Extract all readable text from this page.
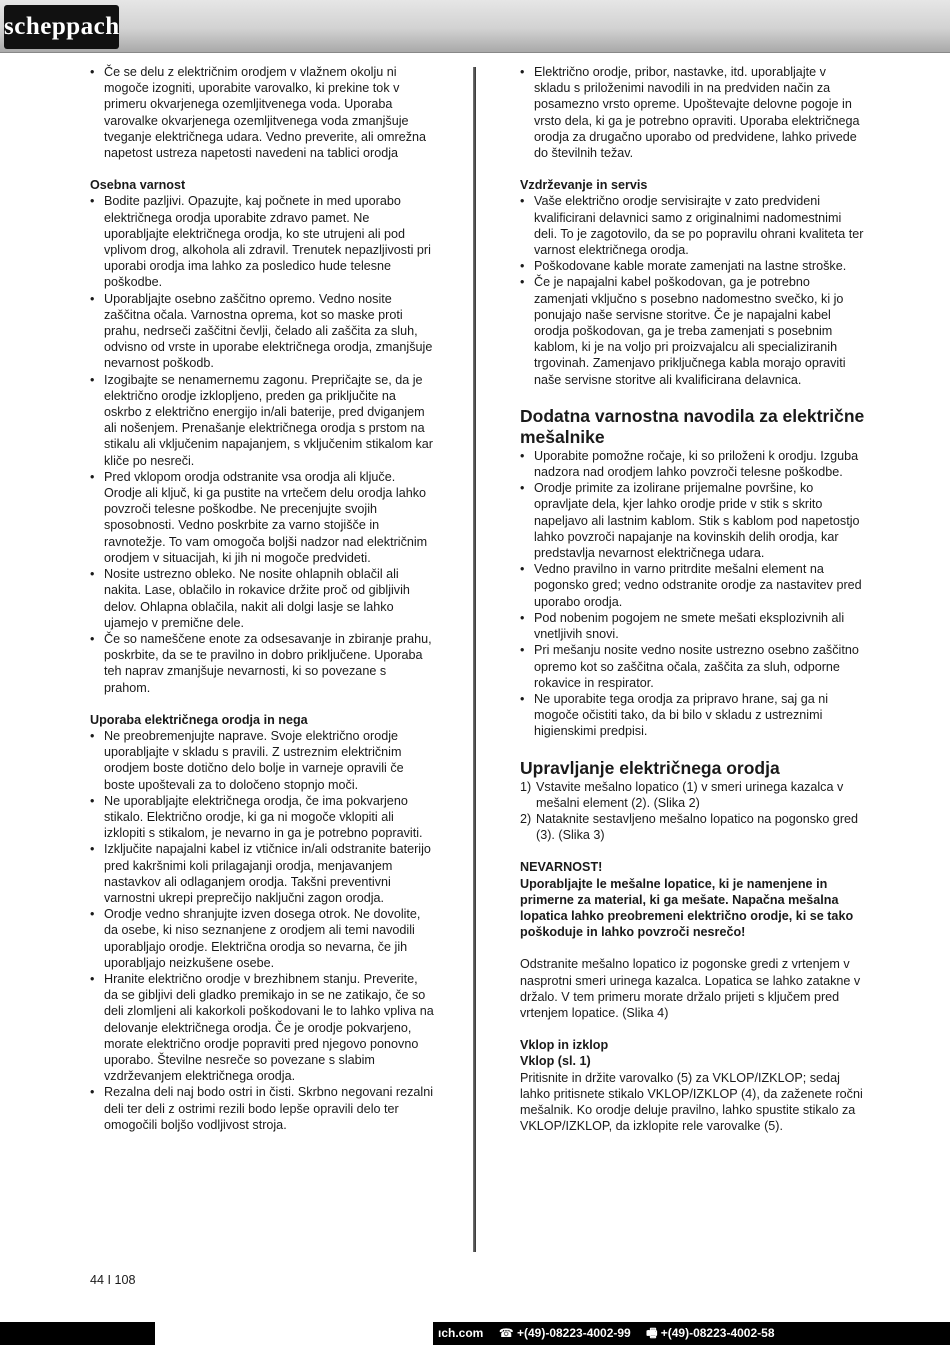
scheppach
• Če se delu z električnim orodjem v vlažnem okolju ni mogoče izogniti, uporabite varovalko, ki prekine tok v primeru okvarjenega ozemljitvenega voda. Uporaba varovalke okvarjenega ozemljitvenega voda zmanjšuje tveganje električnega udara. Vedno preverite, ali omrežna napetost ustreza napetosti navedeni na tablici orodja
Osebna varnost
• Bodite pazljivi. Opazujte, kaj počnete in med uporabo električnega orodja uporabite zdravo pamet. Ne uporabljajte električnega orodja, ko ste utrujeni ali pod vplivom drog, alkohola ali zdravil. Trenutek nepazljivosti pri uporabi orodja ima lahko za posledico hude telesne poškodbe.
• Uporabljajte osebno zaščitno opremo. Vedno nosite zaščitna očala. Varnostna oprema, kot so maske proti prahu, nedrseči zaščitni čevlji, čelado ali zaščita za sluh, odvisno od vrste in uporabe električnega orodja, zmanjšuje nevarnost poškodb.
• Izogibajte se nenamernemu zagonu. Prepričajte se, da je električno orodje izklopljeno, preden ga priključite na oskrbo z električno energijo in/ali baterije, pred dviganjem ali nošenjem. Prenašanje električnega orodja s prstom na stikalu ali vključenim napajanjem, s vključenim stikalom kar kliče po nesreči.
• Pred vklopom orodja odstranite vsa orodja ali ključe. Orodje ali ključ, ki ga pustite na vrtečem delu orodja lahko povzroči telesne poškodbe. Ne precenjujte svojih sposobnosti. Vedno poskrbite za varno stojišče in ravnotežje. To vam omogoča boljši nadzor nad električnim orodjem v situacijah, ki jih ni mogoče predvideti.
• Nosite ustrezno obleko. Ne nosite ohlapnih oblačil ali nakita. Lase, oblačilo in rokavice držite proč od gibljivih delov. Ohlapna oblačila, nakit ali dolgi lasje se lahko ujamejo v premične dele.
• Če so nameščene enote za odsesavanje in zbiranje prahu, poskrbite, da se te pravilno in dobro priključene. Uporaba teh naprav zmanjšuje nevarnosti, ki so povezane s prahom.
Uporaba električnega orodja in nega
• Ne preobremenjujte naprave. Svoje električno orodje uporabljajte v skladu s pravili. Z ustreznim električnim orodjem boste dotično delo bolje in varneje opravili če boste upoštevali za to določeno stopnjo moči.
• Ne uporabljajte električnega orodja, če ima pokvarjeno stikalo. Električno orodje, ki ga ni mogoče vklopiti ali izklopiti s stikalom, je nevarno in ga je potrebno popraviti.
• Izključite napajalni kabel iz vtičnice in/ali odstranite baterijo pred kakršnimi koli prilagajanji orodja, menjavanjem nastavkov ali odlaganjem orodja. Takšni preventivni varnostni ukrepi preprečijo naključni zagon orodja.
• Orodje vedno shranjujte izven dosega otrok. Ne dovolite, da osebe, ki niso seznanjene z orodjem ali temi navodili uporabljajo orodje. Električna orodja so nevarna, če jih uporabljajo neizkušene osebe.
• Hranite električno orodje v brezhibnem stanju. Preverite, da se gibljivi deli gladko premikajo in se ne zatikajo, če so deli zlomljeni ali kakorkoli poškodovani le to lahko vpliva na delovanje električnega orodja. Če je orodje pokvarjeno, morate električno orodje popraviti pred njegovo ponovno uporabo. Številne nesreče so povezane s slabim vzdrževanjem električnega orodja.
• Rezalna deli naj bodo ostri in čisti. Skrbno negovani rezalni deli ter deli z ostrimi rezili bodo lepše opravili delo ter omogočili boljšo vodljivost stroja.
• Električno orodje, pribor, nastavke, itd. uporabljajte v skladu s priloženimi navodili in na predviden način za posamezno vrsto opreme. Upoštevajte delovne pogoje in vrsto dela, ki ga je potrebno opraviti. Uporaba električnega orodja za drugačno uporabo od predvidene, lahko privede do številnih težav.
Vzdrževanje in servis
• Vaše električno orodje servisirajte v zato predvideni kvalificirani delavnici samo z originalnimi nadomestnimi deli. To je zagotovilo, da se po popravilu ohrani kvaliteta ter varnost električnega orodja.
• Poškodovane kable morate zamenjati na lastne stroške.
• Če je napajalni kabel poškodovan, ga je potrebno zamenjati vključno s posebno nadomestno svečko, ki jo ponujajo naše servisne storitve. Če je napajalni kabel orodja poškodovan, ga je treba zamenjati s posebnim kablom, ki je na voljo pri proizvajalcu ali specializiranih trgovinah. Zamenjavo priključnega kabla morajo opraviti naše servisne storitve ali kvalificirana delavnica.
Dodatna varnostna navodila za električne mešalnike
• Uporabite pomožne ročaje, ki so priloženi k orodju. Izguba nadzora nad orodjem lahko povzroči telesne poškodbe.
• Orodje primite za izolirane prijemalne površine, ko opravljate dela, kjer lahko orodje pride v stik s skrito napeljavo ali lastnim kablom. Stik s kablom pod napetostjo lahko povzroči napajanje na kovinskih delih orodja, kar predstavlja nevarnost električnega udara.
• Vedno pravilno in varno pritrdite mešalni element na pogonsko gred; vedno odstranite orodje za nastavitev pred uporabo orodja.
• Pod nobenim pogojem ne smete mešati eksplozivnih ali vnetljivih snovi.
• Pri mešanju nosite vedno nosite ustrezno osebno zaščitno opremo kot so zaščitna očala, zaščita za sluh, odporne rokavice in respirator.
• Ne uporabite tega orodja za pripravo hrane, saj ga ni mogoče očistiti tako, da bi bilo v skladu z ustreznimi higienskimi predpisi.
Upravljanje električnega orodja
1) Vstavite mešalno lopatico (1) v smeri urinega kazalca v mešalni element (2). (Slika 2)
2) Nataknite sestavljeno mešalno lopatico na pogonsko gred (3). (Slika 3)

NEVARNOST!

Uporabljajte le mešalne lopatice, ki je namenjene in primerne za material, ki ga mešate. Napačna mešalna lopatica lahko preobremeni električno orodje, ki se tako poškoduje in lahko povzroči nesrečo!

Odstranite mešalno lopatico iz pogonske gredi z vrtenjem v nasprotni smeri urinega kazalca. Lopatica se lahko zatakne v držalo. V tem primeru morate držalo prijeti s ključem pred vrtenjem lopatice. (Slika 4)

Vklop in izklop
Vklop (sl. 1)

Pritisnite in držite varovalko (5) za VKLOP/IZKLOP; sedaj lahko pritisnete stikalo VKLOP/IZKLOP (4), da zaženete ročni mešalnik. Ko orodje deluje pravilno, lahko spustite stikalo za VKLOP/IZKLOP, da izklopite rele varovalke (5).

44 I 108
ıch.com ☎ +(49)-08223-4002-99 🖷 +(49)-08223-4002-58
